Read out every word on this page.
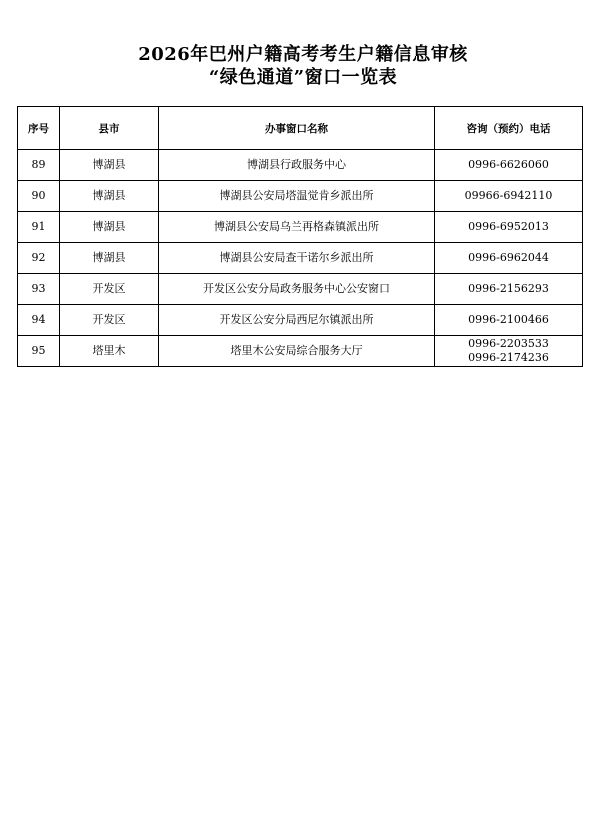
2026年巴州户籍高考考生户籍信息审核
“绿色通道”窗口一览表
序号	县市	办事窗口名称	咨询（预约）电话
89	博湖县	博湖县行政服务中心	0996-6626060

90	博湖县	博湖县公安局塔温觉肯乡派出所	09966-6942110

91	博湖县	博湖县公安局乌兰再格森镇派出所	0996-6952013

92	博湖县	博湖县公安局查干诺尔乡派出所	0996-6962044

93	开发区	开发区公安分局政务服务中心公安窗口	0996-2156293

94	开发区	开发区公安分局西尼尔镇派出所	0996-2100466

95	塔里木	塔里木公安局综合服务大厅	0996-2203533
0996-2174236
